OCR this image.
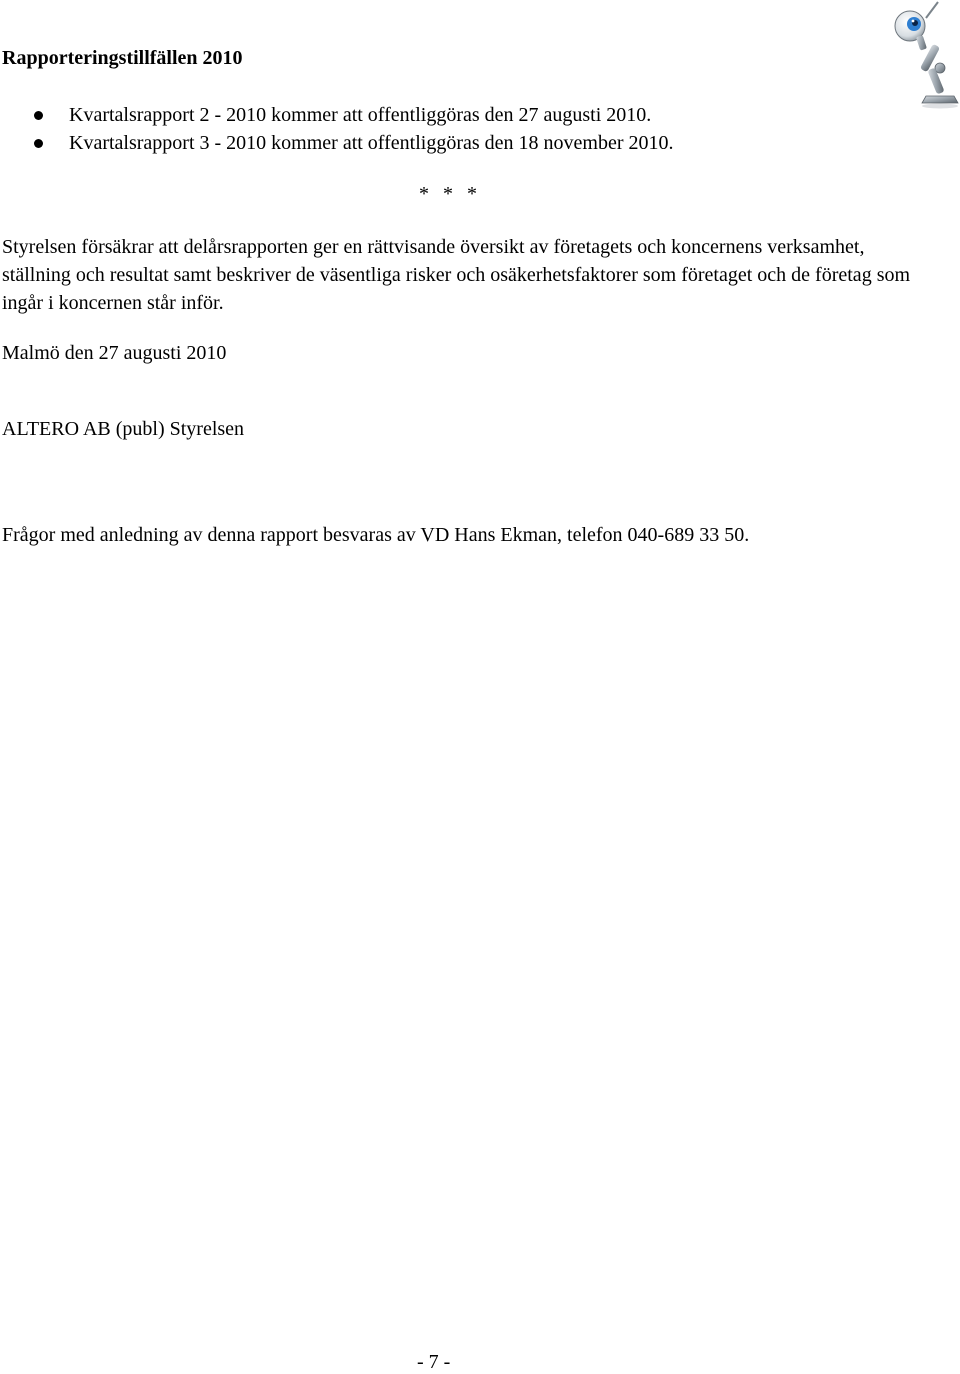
Rapporteringstillfällen 2010
Kvartalsrapport 2 - 2010 kommer att offentliggöras den 27 augusti 2010.
Kvartalsrapport 3 - 2010 kommer att offentliggöras den 18 november 2010.
* * *

Styrelsen försäkrar att delårsrapporten ger en rättvisande översikt av företagets och koncernens verksamhet, ställning och resultat samt beskriver de väsentliga risker och osäkerhetsfaktorer som företaget och de företag som ingår i koncernen står inför.

Malmö den 27 augusti 2010

ALTERO AB (publ) Styrelsen

Frågor med anledning av denna rapport besvaras av VD Hans Ekman, telefon 040-689 33 50.

- 7 -
